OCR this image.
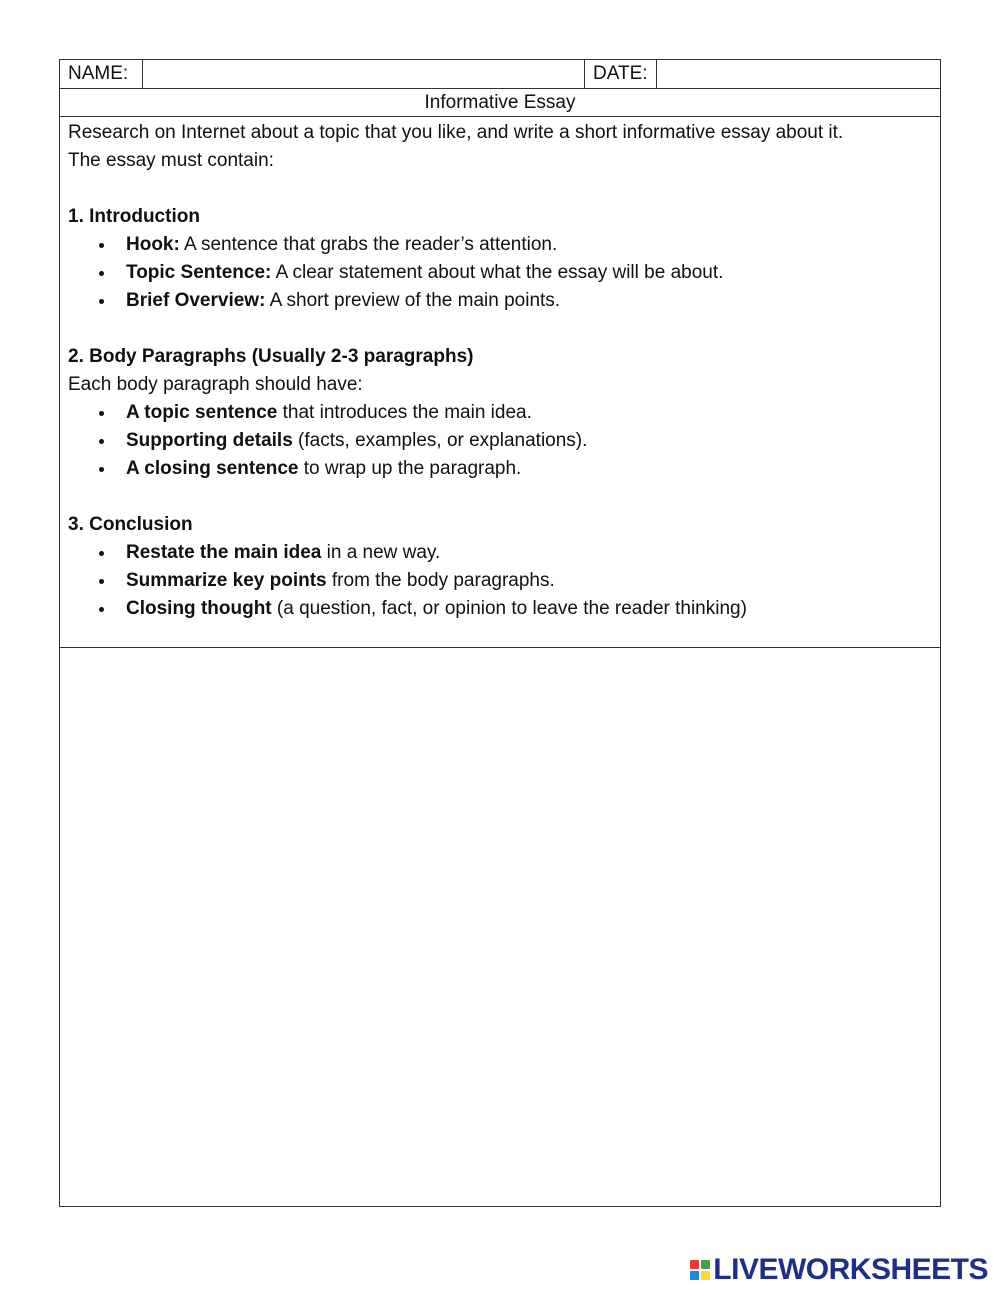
NAME:	DATE:
Informative Essay

Research on Internet about a topic that you like, and write a short informative essay about it.

The essay must contain:

1. Introduction

Hook: A sentence that grabs the reader’s attention.
Topic Sentence: A clear statement about what the essay will be about.
Brief Overview: A short preview of the main points.

2. Body Paragraphs (Usually 2-3 paragraphs)

Each body paragraph should have:

A topic sentence that introduces the main idea.
Supporting details (facts, examples, or explanations).
A closing sentence to wrap up the paragraph.

3. Conclusion

Restate the main idea in a new way.
Summarize key points from the body paragraphs.
Closing thought (a question, fact, or opinion to leave the reader thinking)
LIVEWORKSHEETS
